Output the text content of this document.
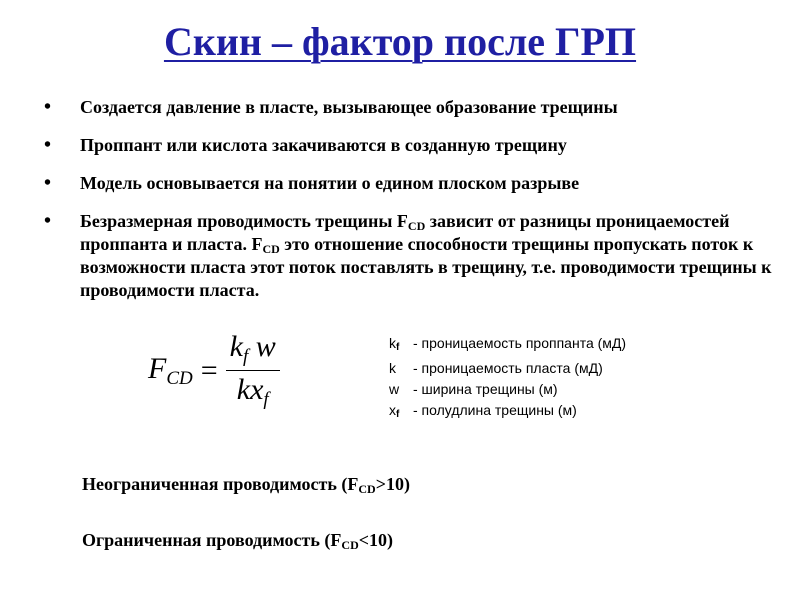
Скин – фактор после ГРП
• Создается давление в пласте, вызывающее образование трещины
• Проппант или кислота закачиваются в созданную трещину
• Модель основывается на понятии о едином плоском разрыве
• Безразмерная проводимость трещины $F_{CD}$ зависит от разницы проницаемостей проппанта и пласта. $F_{CD}$ это отношение способности трещины пропускать поток к возможности пласта этот поток поставлять в трещину, т.е. проводимости трещины к проводимости пласта.
$F_{CD} = \frac{k_f w}{kx_f}$	$k_f$ - проницаемость проппанта (мД)
k	- проницаемость пласта (мД)
w - ширина трещины (м)
$x_f$ - полудлина трещины (м)
Неограниченная проводимость $(F_{CD}>10)$
Ограниченная проводимость $(F_{CD}<10)$
